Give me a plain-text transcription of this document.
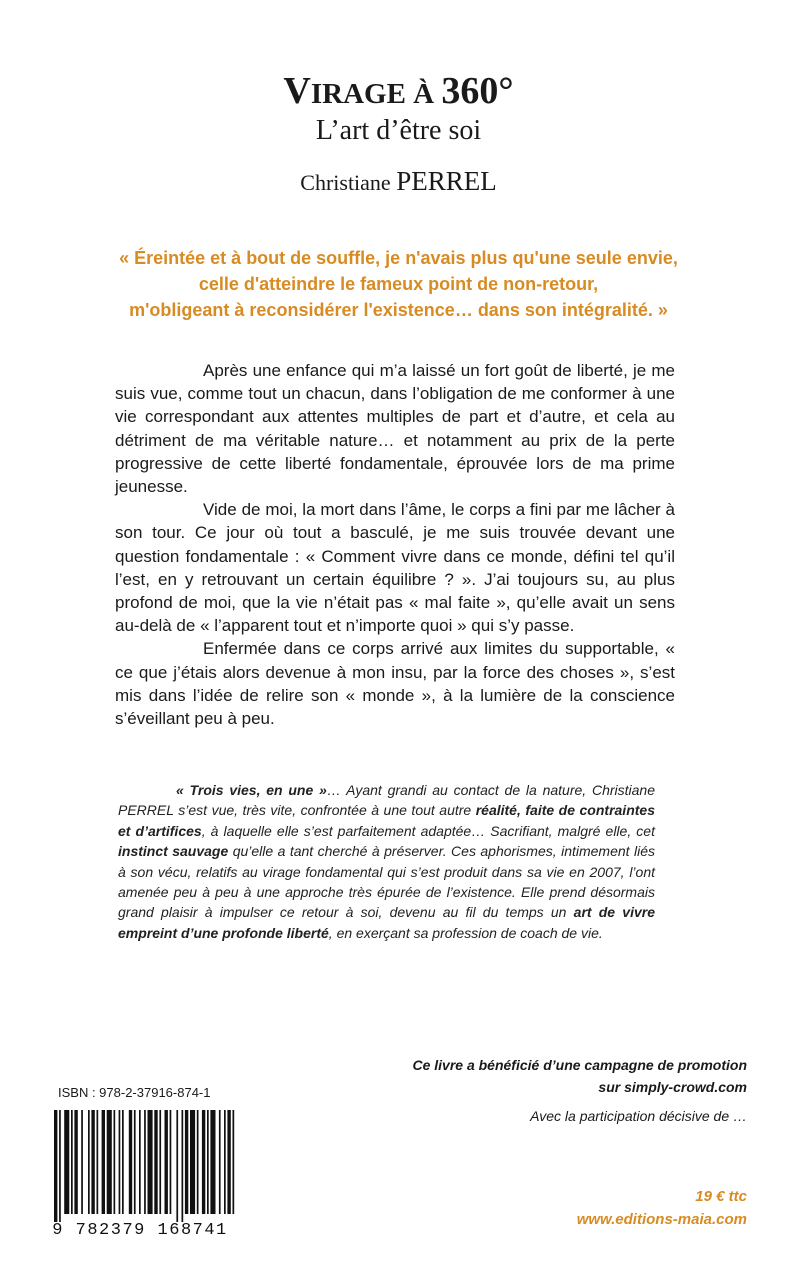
VIRAGE À 360°
L’art d’être soi
Christiane PERREL
« Éreintée et à bout de souffle, je n'avais plus qu'une seule envie,
celle d'atteindre le fameux point de non-retour,
m'obligeant à reconsidérer l'existence… dans son intégralité. »

Après une enfance qui m’a laissé un fort goût de liberté, je me suis vue, comme tout un chacun, dans l’obligation de me conformer à une vie correspondant aux attentes multiples de part et d’autre, et cela au détriment de ma véritable nature… et notamment au prix de la perte progressive de cette liberté fondamentale, éprouvée lors de ma prime jeunesse.

Vide de moi, la mort dans l’âme, le corps a fini par me lâcher à son tour. Ce jour où tout a basculé, je me suis trouvée devant une question fondamentale : « Comment vivre dans ce monde, défini tel qu’il l’est, en y retrouvant un certain équilibre ? ». J’ai toujours su, au plus profond de moi, que la vie n’était pas « mal faite », qu’elle avait un sens au-delà de « l’apparent tout et n’importe quoi » qui s’y passe.

Enfermée dans ce corps arrivé aux limites du supportable, « ce que j’étais alors devenue à mon insu, par la force des choses », s’est mis dans l’idée de relire son « monde », à la lumière de la conscience s’éveillant peu à peu.

« Trois vies, en une »… Ayant grandi au contact de la nature, Christiane PERREL s’est vue, très vite, confrontée à une tout autre réalité, faite de contraintes et d’artifices, à laquelle elle s’est parfaitement adaptée… Sacrifiant, malgré elle, cet instinct sauvage qu’elle a tant cherché à préserver. Ces aphorismes, intimement liés à son vécu, relatifs au virage fondamental qui s’est produit dans sa vie en 2007, l’ont amenée peu à peu à une approche très épurée de l’existence. Elle prend désormais grand plaisir à impulser ce retour à soi, devenu au fil du temps un art de vivre empreint d’une profonde liberté, en exerçant sa profession de coach de vie.

Ce livre a bénéficié d’une campagne de promotion
sur simply-crowd.com
Avec la participation décisive de …
19 € ttc
www.editions-maia.com
ISBN : 978-2-37916-874-1
9 782379 168741
